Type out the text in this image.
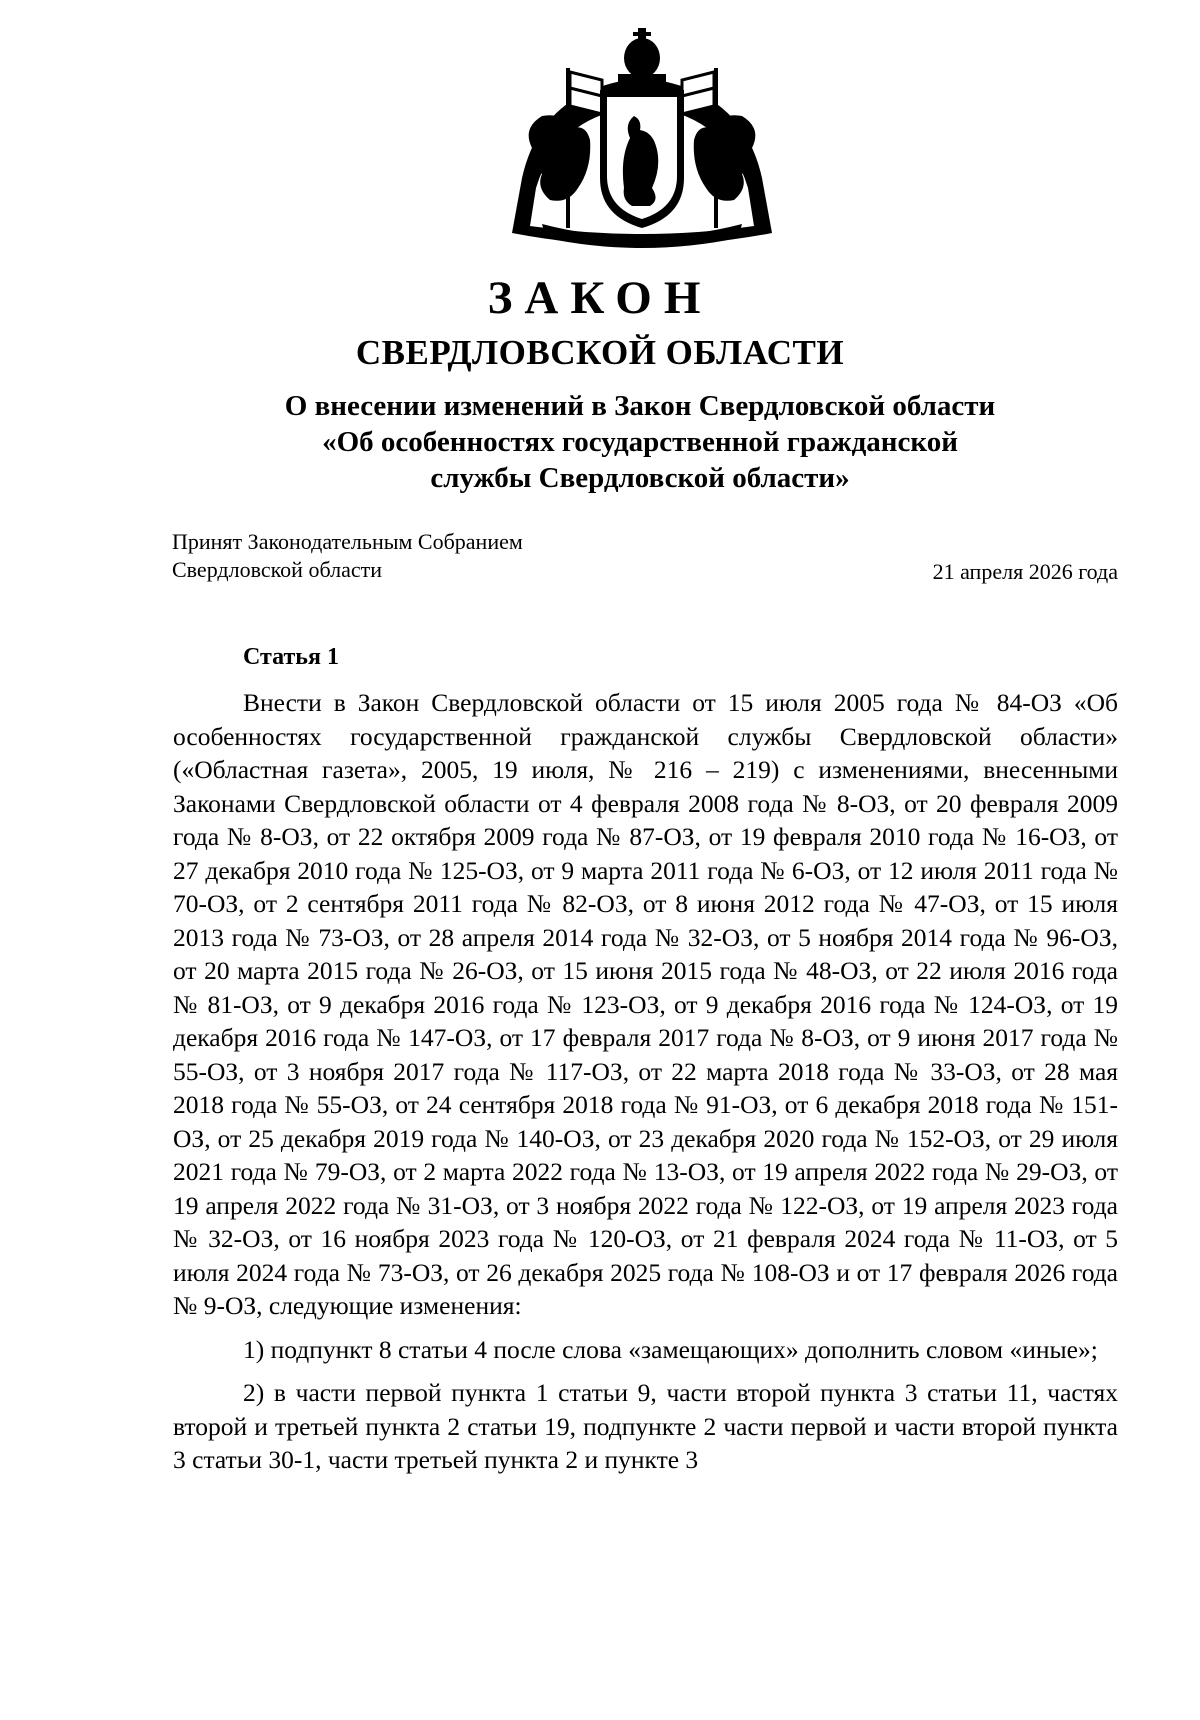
ЗАКОН
СВЕРДЛОВСКОЙ ОБЛАСТИ
О внесении изменений в Закон Свердловской области
«Об особенностях государственной гражданской
службы Свердловской области»
Принят Законодательным Собранием
Свердловской области	21 апреля 2026 года
Статья 1

Внести в Закон Свердловской области от 15 июля 2005 года № 84-ОЗ «Об особенностях государственной гражданской службы Свердловской области» («Областная газета», 2005, 19 июля, № 216 – 219) с изменениями, внесенными Законами Свердловской области от 4 февраля 2008 года № 8-ОЗ, от 20 февраля 2009 года № 8-ОЗ, от 22 октября 2009 года № 87-ОЗ, от 19 февраля 2010 года № 16-ОЗ, от 27 декабря 2010 года № 125-ОЗ, от 9 марта 2011 года № 6-ОЗ, от 12 июля 2011 года № 70-ОЗ, от 2 сентября 2011 года № 82-ОЗ, от 8 июня 2012 года № 47-ОЗ, от 15 июля 2013 года № 73-ОЗ, от 28 апреля 2014 года № 32-ОЗ, от 5 ноября 2014 года № 96-ОЗ, от 20 марта 2015 года № 26-ОЗ, от 15 июня 2015 года № 48-ОЗ, от 22 июля 2016 года № 81-ОЗ, от 9 декабря 2016 года № 123-ОЗ, от 9 декабря 2016 года № 124-ОЗ, от 19 декабря 2016 года № 147-ОЗ, от 17 февраля 2017 года № 8-ОЗ, от 9 июня 2017 года № 55-ОЗ, от 3 ноября 2017 года № 117-ОЗ, от 22 марта 2018 года № 33-ОЗ, от 28 мая 2018 года № 55-ОЗ, от 24 сентября 2018 года № 91-ОЗ, от 6 декабря 2018 года № 151-ОЗ, от 25 декабря 2019 года № 140-ОЗ, от 23 декабря 2020 года № 152-ОЗ, от 29 июля 2021 года № 79-ОЗ, от 2 марта 2022 года № 13-ОЗ, от 19 апреля 2022 года № 29-ОЗ, от 19 апреля 2022 года № 31-ОЗ, от 3 ноября 2022 года № 122-ОЗ, от 19 апреля 2023 года № 32-ОЗ, от 16 ноября 2023 года № 120-ОЗ, от 21 февраля 2024 года № 11-ОЗ, от 5 июля 2024 года № 73-ОЗ, от 26 декабря 2025 года № 108-ОЗ и от 17 февраля 2026 года № 9-ОЗ, следующие изменения:

1) подпункт 8 статьи 4 после слова «замещающих» дополнить словом «иные»;

2) в части первой пункта 1 статьи 9, части второй пункта 3 статьи 11, частях второй и третьей пункта 2 статьи 19, подпункте 2 части первой и части второй пункта 3 статьи 30-1, части третьей пункта 2 и пункте 3
